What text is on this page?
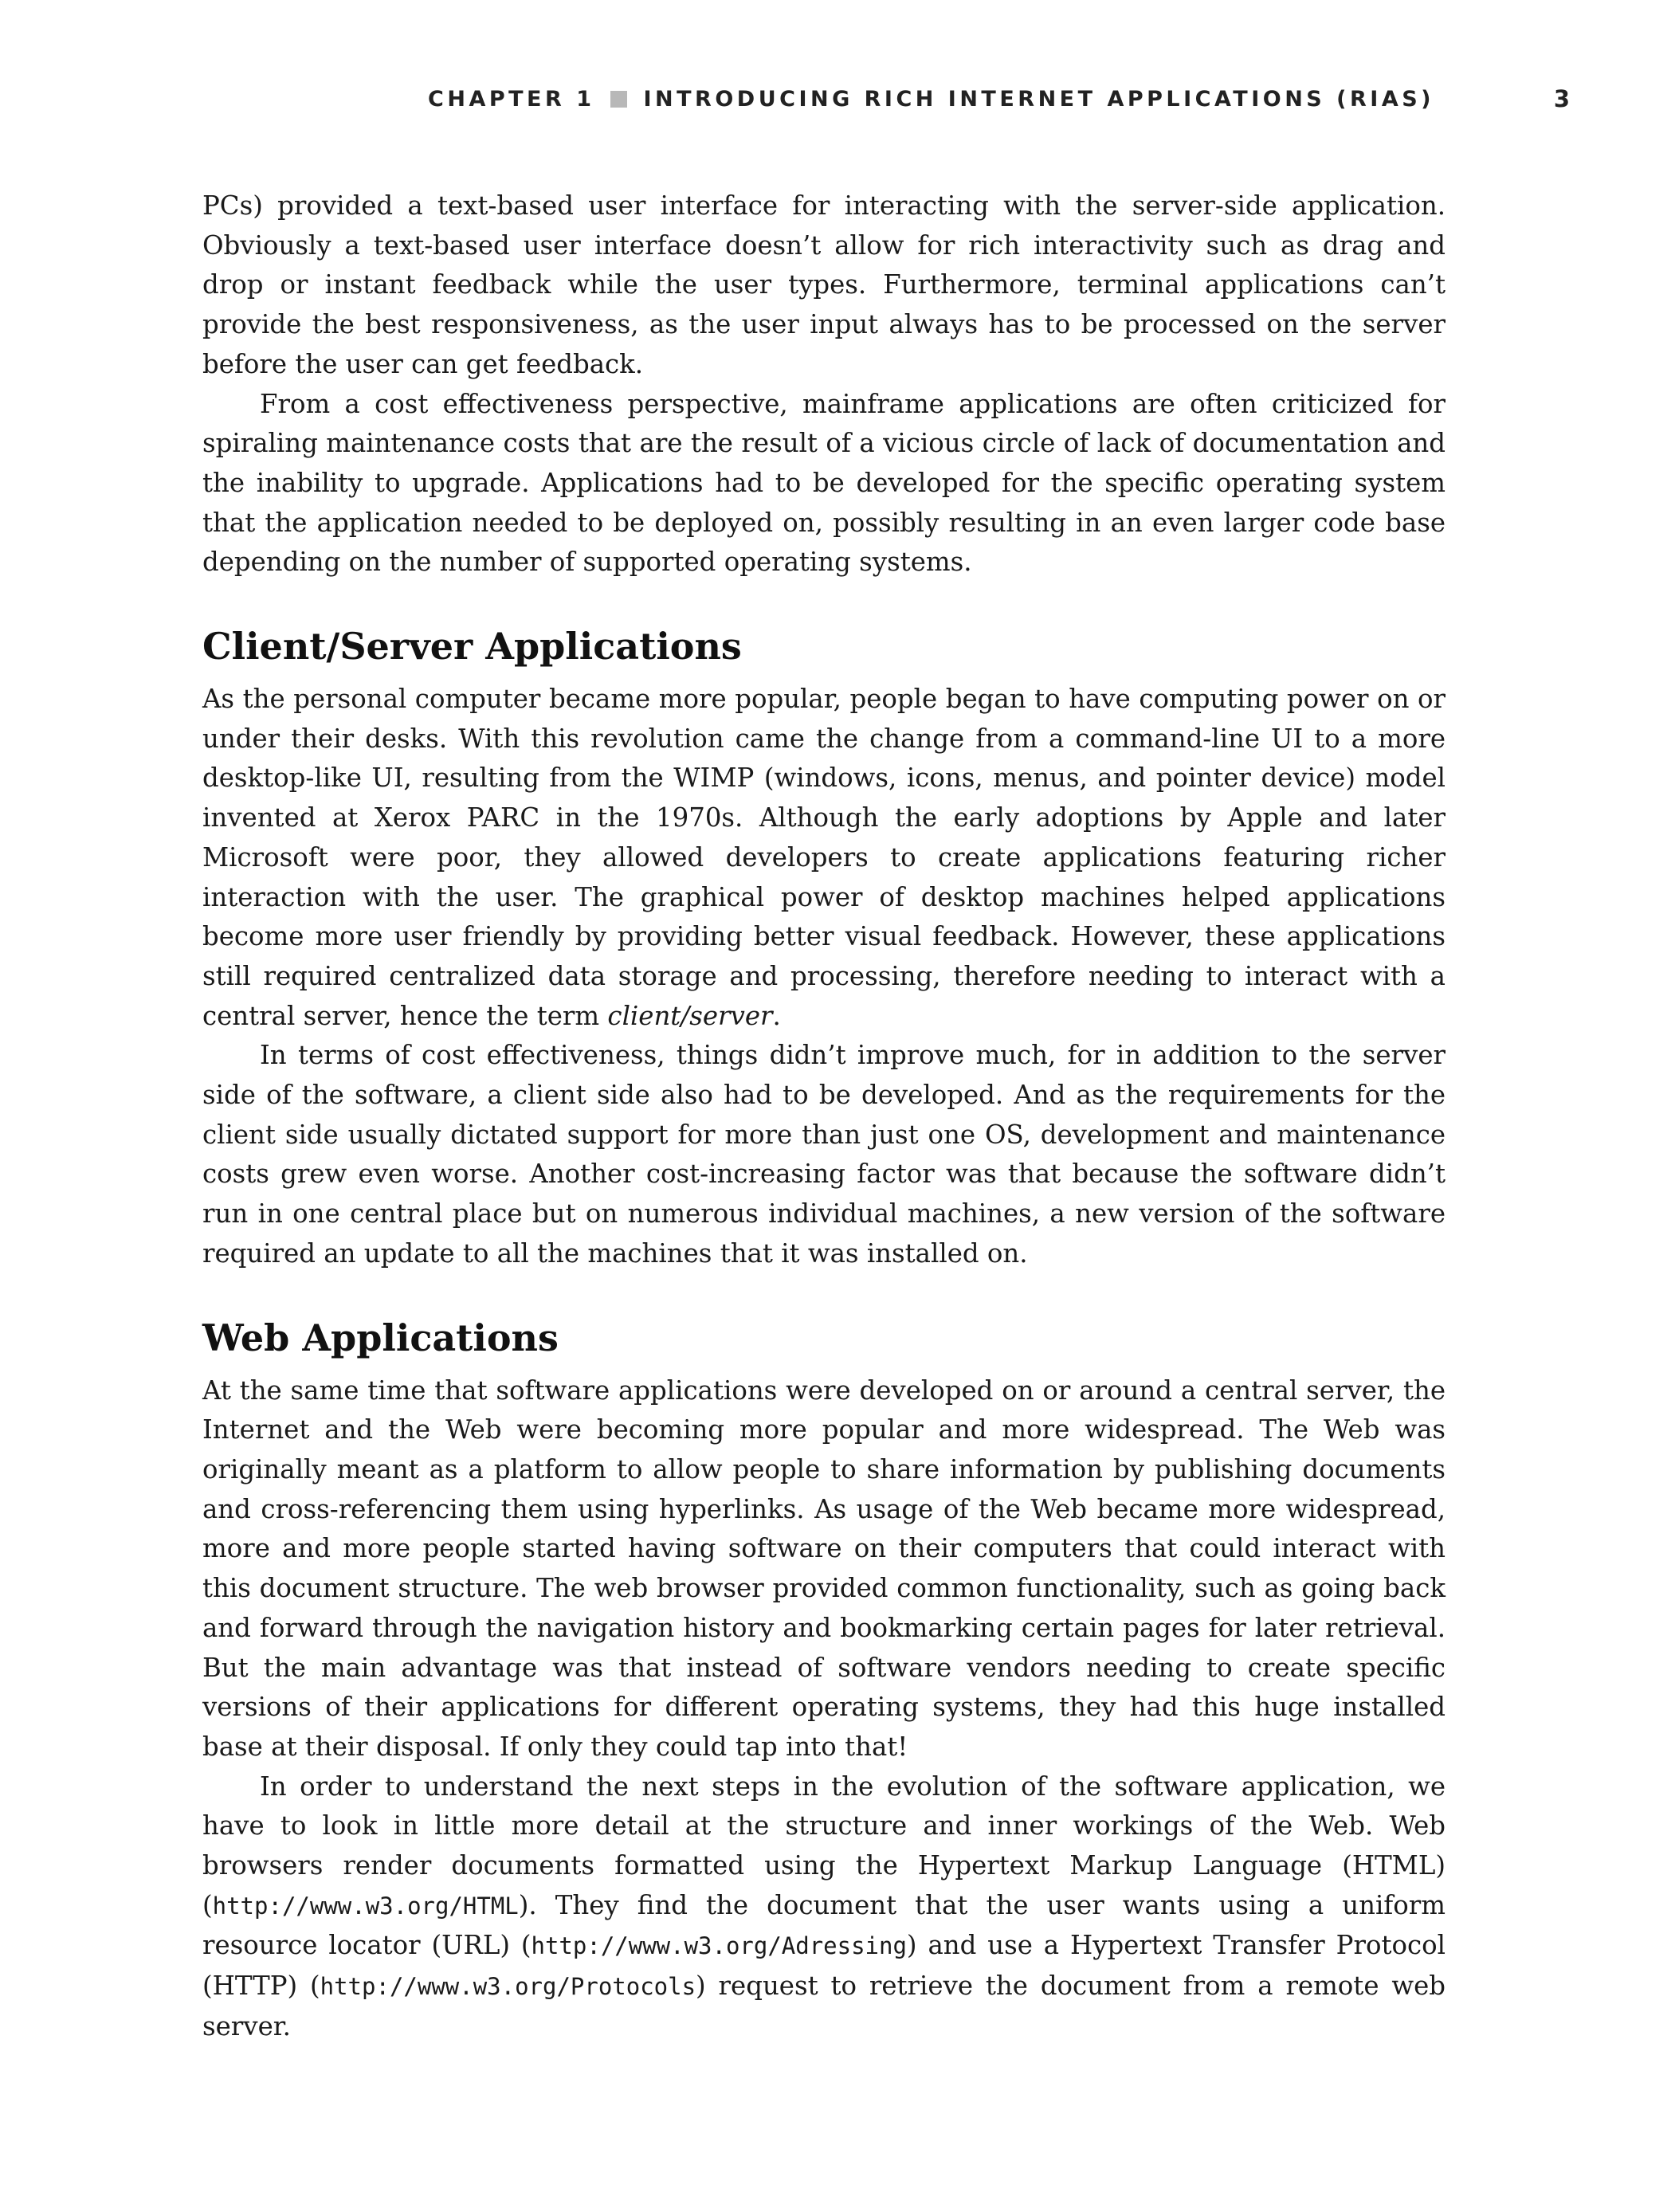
CHAPTER 1 INTRODUCING RICH INTERNET APPLICATIONS (RIAS)	3

PCs) provided a text-based user interface for interacting with the server-side application. Obviously a text-based user interface doesn’t allow for rich interactivity such as drag and drop or instant feedback while the user types. Furthermore, terminal applications can’t provide the best responsiveness, as the user input always has to be processed on the server before the user can get feedback.

From a cost effectiveness perspective, mainframe applications are often criticized for spiraling maintenance costs that are the result of a vicious circle of lack of documentation and the inability to upgrade. Applications had to be developed for the specific operating system that the application needed to be deployed on, possibly resulting in an even larger code base depending on the number of supported operating systems.

Client/Server Applications

As the personal computer became more popular, people began to have computing power on or under their desks. With this revolution came the change from a command-line UI to a more desktop-like UI, resulting from the WIMP (windows, icons, menus, and pointer device) model invented at Xerox PARC in the 1970s. Although the early adoptions by Apple and later Microsoft were poor, they allowed developers to create applications featuring richer interaction with the user. The graphical power of desktop machines helped applications become more user friendly by providing better visual feedback. However, these applications still required centralized data storage and processing, therefore needing to interact with a central server, hence the term client/server.

In terms of cost effectiveness, things didn’t improve much, for in addition to the server side of the software, a client side also had to be developed. And as the requirements for the client side usually dictated support for more than just one OS, development and maintenance costs grew even worse. Another cost-increasing factor was that because the software didn’t run in one central place but on numerous individual machines, a new version of the software required an update to all the machines that it was installed on.

Web Applications

At the same time that software applications were developed on or around a central server, the Internet and the Web were becoming more popular and more widespread. The Web was originally meant as a platform to allow people to share information by publishing documents and cross-referencing them using hyperlinks. As usage of the Web became more widespread, more and more people started having software on their computers that could interact with this document structure. The web browser provided common functionality, such as going back and forward through the navigation history and bookmarking certain pages for later retrieval. But the main advantage was that instead of software vendors needing to create specific versions of their applications for different operating systems, they had this huge installed base at their disposal. If only they could tap into that!

In order to understand the next steps in the evolution of the software application, we have to look in little more detail at the structure and inner workings of the Web. Web browsers render documents formatted using the Hypertext Markup Language (HTML) (http://www.w3.org/HTML). They find the document that the user wants using a uniform resource locator (URL) (http://www.w3.org/Adressing) and use a Hypertext Transfer Protocol (HTTP) (http://www.w3.org/Protocols) request to retrieve the document from a remote web server.
